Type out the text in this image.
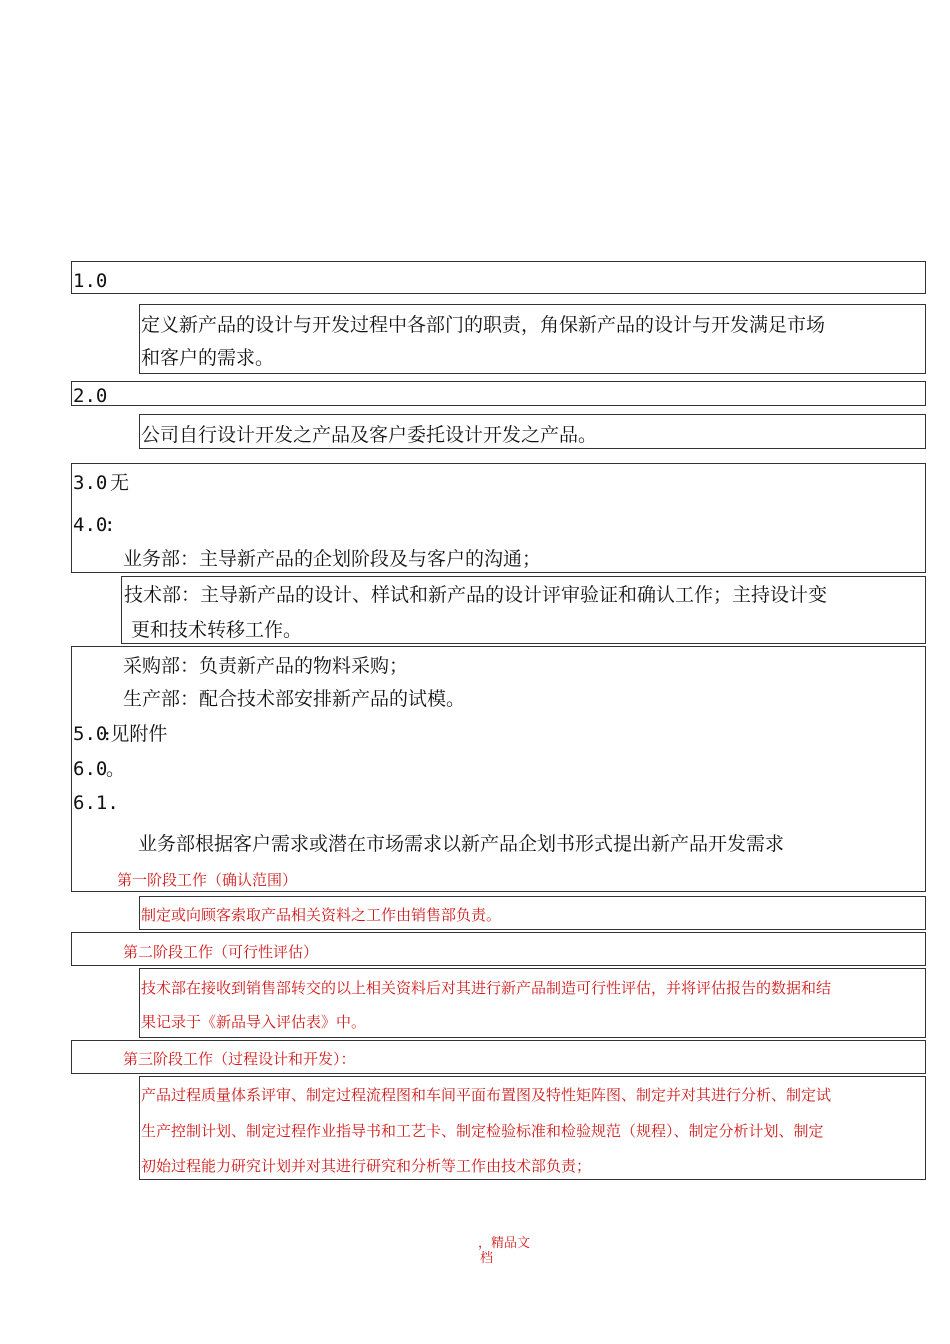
1.0
定义新产品的设计与开发过程中各部门的职责，角保新产品的设计与开发满足市场
和客户的需求。
2.0
公司自行设计开发之产品及客户委托设计开发之产品。
3.0 无
4.0
:
业务部：主导新产品的企划阶段及与客户的沟通；
技术部：主导新产品的设计、样试和新产品的设计评审验证和确认工作；主持设计变
更和技术转移工作。
采购部：负责新产品的物料采购；
生产部：配合技术部安排新产品的试模。
5.0
:见附件
6.0
。
6.1.
业务部根据客户需求或潜在市场需求以新产品企划书形式提出新产品开发需求
第一阶段工作（确认范围）
制定或向顾客索取产品相关资料之工作由销售部负责。
第二阶段工作（可行性评估）
技术部在接收到销售部转交的以上相关资料后对其进行新产品制造可行性评估，并将评估报告的数据和结
果记录于《新品导入评估表》中。
第三阶段工作（过程设计和开发）：
产品过程质量体系评审、制定过程流程图和车间平面布置图及特性矩阵图、制定并对其进行分析、制定试
生产控制计划、制定过程作业指导书和工艺卡、制定检验标准和检验规范（规程）、制定分析计划、制定
初始过程能力研究计划并对其进行研究和分析等工作由技术部负责；
，精品文
档
